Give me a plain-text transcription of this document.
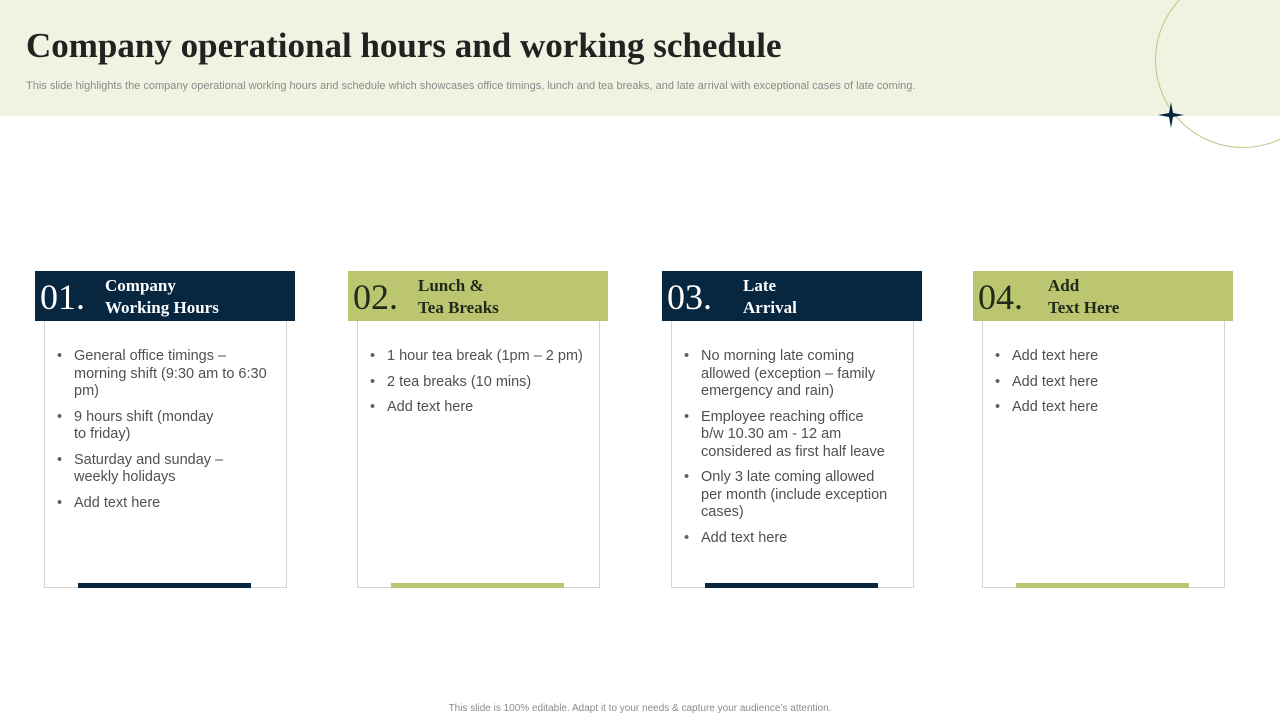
Company operational hours and working schedule

This slide highlights the company operational working hours and schedule which showcases office timings, lunch and tea breaks, and late arrival with exceptional cases of late coming.

• General office timings – morning shift (9:30 am to 6:30 pm)
• 9 hours shift (monday to friday)
• Saturday and sunday – weekly holidays
• Add text here
01. Company
Working Hours
• 1 hour tea break (1pm – 2 pm)
• 2 tea breaks (10 mins)
• Add text here
02. Lunch &
Tea Breaks
• No morning late coming allowed (exception – family emergency and rain)
• Employee reaching office b/w 10.30 am - 12 am considered as first half leave
• Only 3 late coming allowed per month (include exception cases)
• Add text here
03. Late
Arrival
• Add text here
• Add text here
• Add text here
04. Add
Text Here
This slide is 100% editable. Adapt it to your needs & capture your audience’s attention.
